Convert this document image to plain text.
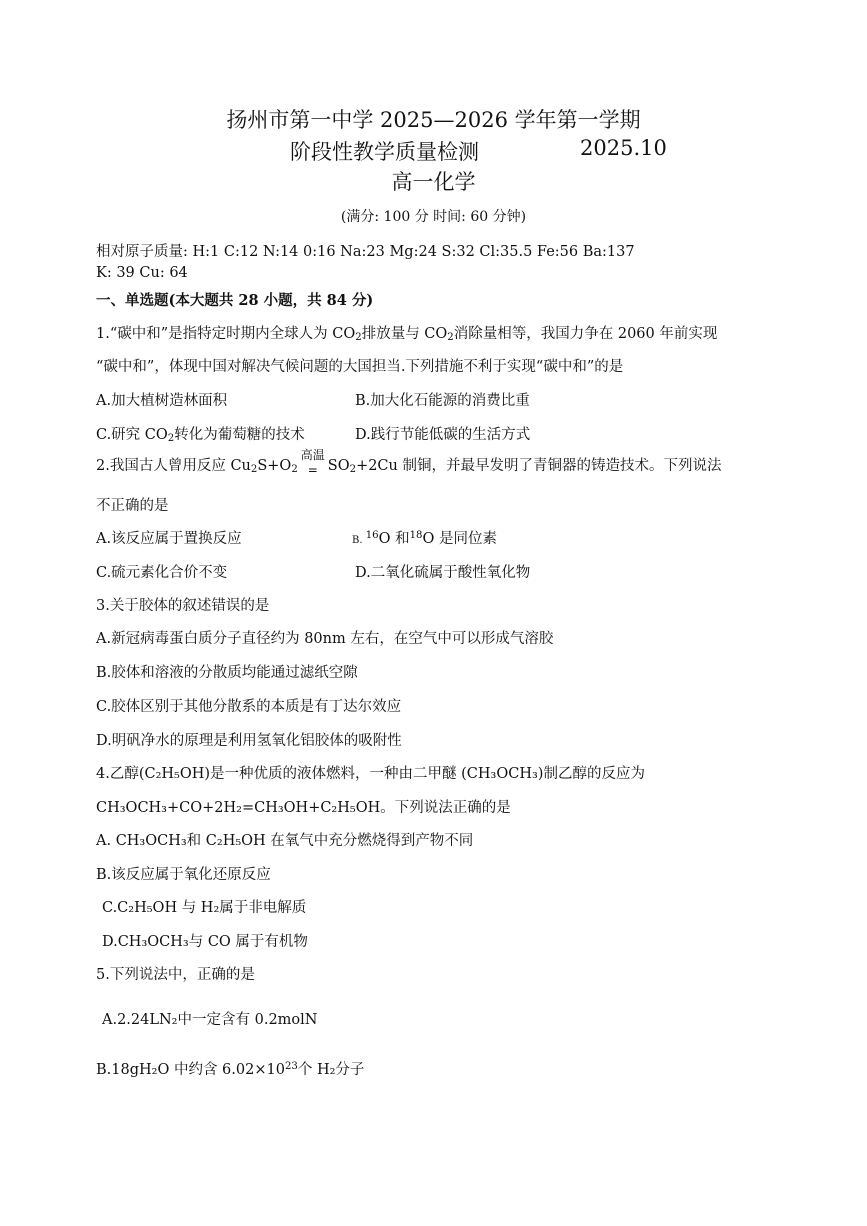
扬州市第一中学 2025—2026 学年第一学期
阶段性教学质量检测	2025.10
高一化学
(满分: 100 分 时间: 60 分钟)
相对原子质量: H:1 C:12 N:14 0:16 Na:23 Mg:24 S:32 Cl:35.5 Fe:56 Ba:137
K: 39 Cu: 64
一、单选题(本大题共 28 小题，共 84 分)
1.“碳中和”是指特定时期内全球人为 $CO_2$排放量与 $CO_2$消除量相等，我国力争在 2060 年前实现
“碳中和”，体现中国对解决气候问题的大国担当.下列措施不利于实现“碳中和”的是
A.加大植树造林面积	B.加大化石能源的消费比重
C.研究 $CO_2$转化为葡萄糖的技术	D.践行节能低碳的生活方式
2.我国古人曾用反应 $Cu_2S+O_2$
高温
= $SO_2+2Cu$ 制铜，并最早发明了青铜器的铸造技术。下列说法
不正确的是
A.该反应属于置换反应	B. $^{16}$O 和$^{18}$O 是同位素
C.硫元素化合价不变	D.二氧化硫属于酸性氧化物
3.关于胶体的叙述错误的是
A.新冠病毒蛋白质分子直径约为 80nm 左右，在空气中可以形成气溶胶
B.胶体和溶液的分散质均能通过滤纸空隙
C.胶体区别于其他分散系的本质是有丁达尔效应
D.明矾净水的原理是利用氢氧化铝胶体的吸附性
4.乙醇(C₂H₅OH)是一种优质的液体燃料，一种由二甲醚 (CH₃OCH₃)制乙醇的反应为
CH₃OCH₃+CO+2H₂=CH₃OH+C₂H₅OH。下列说法正确的是
A. CH₃OCH₃和 C₂H₅OH 在氧气中充分燃烧得到产物不同
B.该反应属于氧化还原反应
C.C₂H₅OH 与 H₂属于非电解质
D.CH₃OCH₃与 CO 属于有机物
5.下列说法中，正确的是
A.2.24LN₂中一定含有 0.2molN
B.18gH₂O 中约含 $6.02\times 10^{23}$个 H₂分子
